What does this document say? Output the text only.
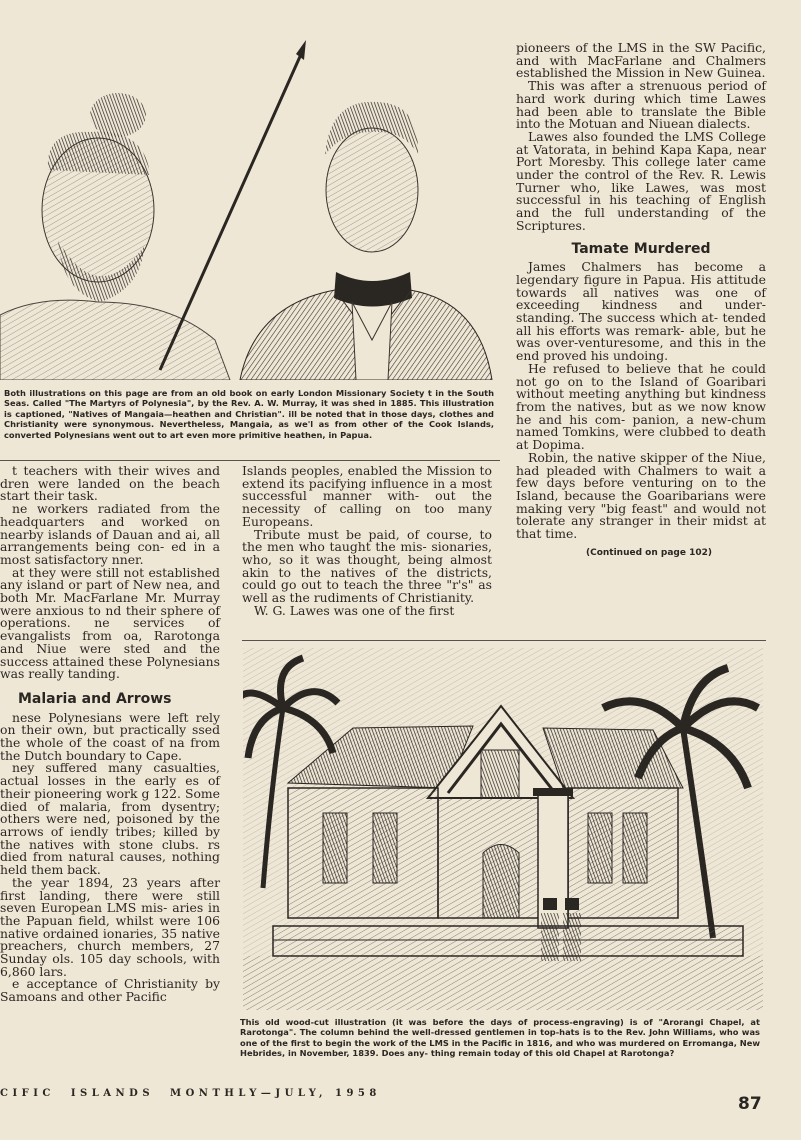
Both illustrations on this page are from an old book on early London Missionary Society t in the South Seas. Called "The Martyrs of Polynesia", by the Rev. A. W. Murray, it was shed in 1885. This illustration is captioned, "Natives of Mangaia—heathen and Christian". ill be noted that in those days, clothes and Christianity were synonymous. Nevertheless, Mangaia, as we'l as from other of the Cook Islands, converted Polynesians went out to art even more primitive heathen, in Papua.

t teachers with their wives and dren were landed on the beach start their task.

ne workers radiated from the headquarters and worked on nearby islands of Dauan and ai, all arrangements being con- ed in a most satisfactory nner.

at they were still not established any island or part of New nea, and both Mr. MacFarlane Mr. Murray were anxious to nd their sphere of operations. ne services of evangalists from oa, Rarotonga and Niue were sted and the success attained these Polynesians was really tanding.

Malaria and Arrows

nese Polynesians were left rely on their own, but practically ssed the whole of the coast of na from the Dutch boundary to Cape.

ney suffered many casualties, actual losses in the early es of their pioneering work g 122. Some died of malaria, from dysentry; others were ned, poisoned by the arrows of iendly tribes; killed by the natives with stone clubs. rs died from natural causes, nothing held them back.

the year 1894, 23 years after first landing, there were still seven European LMS mis- aries in the Papuan field, whilst were 106 native ordained ionaries, 35 native preachers, church members, 27 Sunday ols. 105 day schools, with 6,860 lars.

e acceptance of Christianity by Samoans and other Pacific

Islands peoples, enabled the Mission to extend its pacifying influence in a most successful manner with- out the necessity of calling on too many Europeans.

Tribute must be paid, of course, to the men who taught the mis- sionaries, who, so it was thought, being almost akin to the natives of the districts, could go out to teach the three "r's" as well as the rudiments of Christianity.

W. G. Lawes was one of the first

pioneers of the LMS in the SW Pacific, and with MacFarlane and Chalmers established the Mission in New Guinea.

This was after a strenuous period of hard work during which time Lawes had been able to translate the Bible into the Motuan and Niuean dialects.

Lawes also founded the LMS College at Vatorata, in behind Kapa Kapa, near Port Moresby. This college later came under the control of the Rev. R. Lewis Turner who, like Lawes, was most successful in his teaching of English and the full understanding of the Scriptures.

Tamate Murdered

James Chalmers has become a legendary figure in Papua. His attitude towards all natives was one of exceeding kindness and under- standing. The success which at- tended all his efforts was remark- able, but he was over-venturesome, and this in the end proved his undoing.

He refused to believe that he could not go on to the Island of Goaribari without meeting anything but kindness from the natives, but as we now know he and his com- panion, a new-chum named Tomkins, were clubbed to death at Dopima.

Robin, the native skipper of the Niue, had pleaded with Chalmers to wait a few days before venturing on to the Island, because the Goaribarians were making very "big feast" and would not tolerate any stranger in their midst at that time.

(Continued on page 102)
This old wood-cut illustration (it was before the days of process-engraving) is of "Arorangi Chapel, at Rarotonga". The column behind the well-dressed gentlemen in top-hats is to the Rev. John Williams, who was one of the first to begin the work of the LMS in the Pacific in 1816, and who was murdered on Erromanga, New Hebrides, in November, 1839. Does any- thing remain today of this old Chapel at Rarotonga?
CIFIC  ISLANDS  MONTHLY—JULY, 1958
87
